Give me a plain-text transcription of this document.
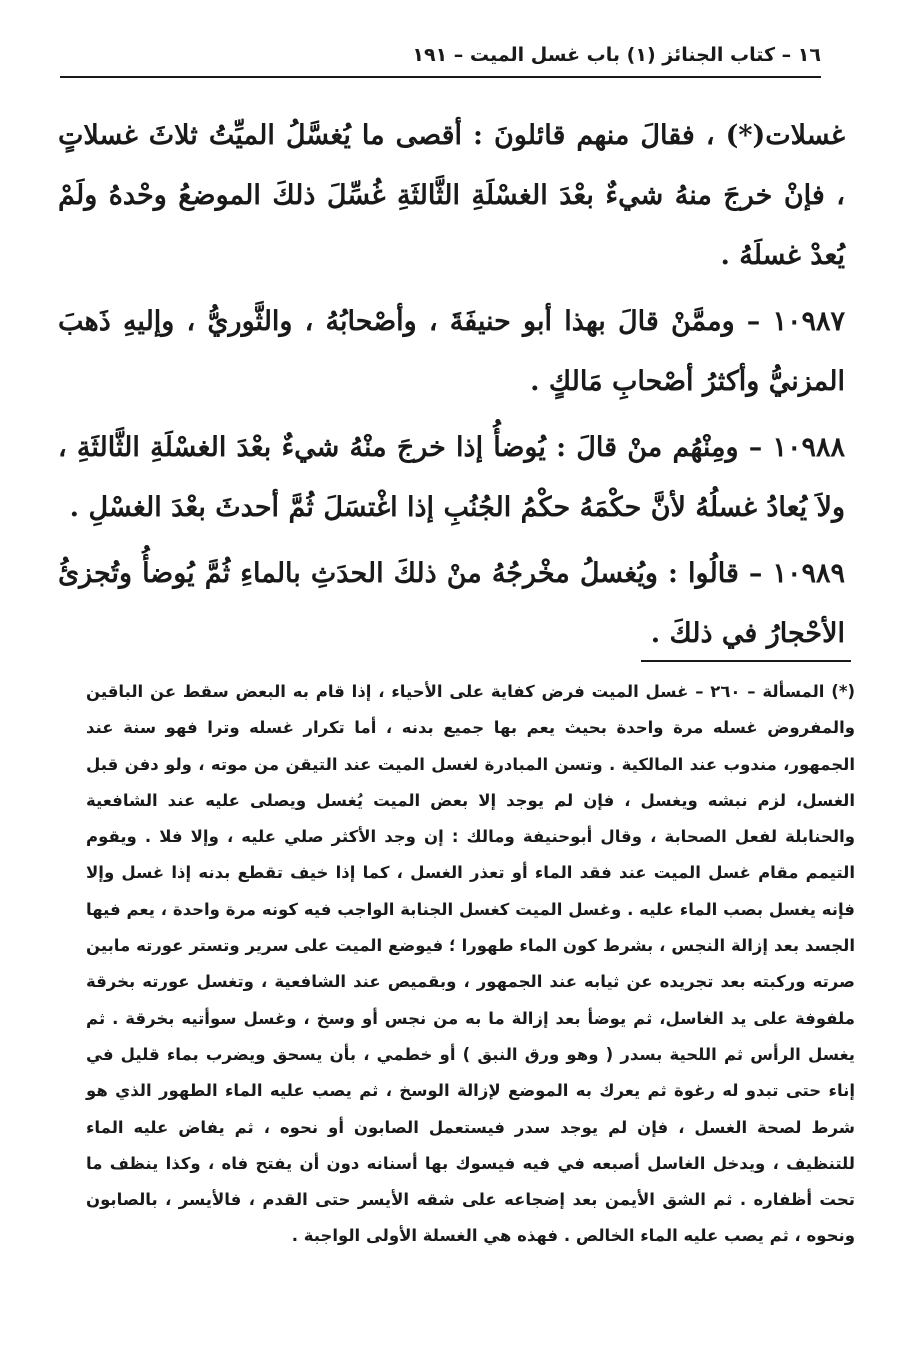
١٦ – كتاب الجنائز (١) باب غسل الميت – ١٩١

غسلات(*) ، فقالَ منهم قائلونَ : أقصى ما يُغسَّلُ الميِّتُ ثلاثَ غسلاتٍ ، فإنْ خرجَ منهُ شيءٌ بعْدَ الغسْلَةِ الثَّالثَةِ غُسِّلَ ذلكَ الموضعُ وحْدهُ ولَمْ يُعدْ غسلَهُ .

١٠٩٨٧ – وممَّنْ قالَ بهذا أبو حنيفَةَ ، وأصْحابُهُ ، والثَّوريُّ ، وإليهِ ذَهبَ المزنيُّ وأكثرُ أصْحابِ مَالكٍ .

١٠٩٨٨ – ومِنْهُم منْ قالَ : يُوضأُ إذا خرجَ منْهُ شيءٌ بعْدَ الغسْلَةِ الثَّالثَةِ ، ولاَ يُعادُ غسلُهُ لأنَّ حكْمَهُ حكْمُ الجُنُبِ إذا اغْتسَلَ ثُمَّ أحدثَ بعْدَ الغسْلِ .

١٠٩٨٩ – قالُوا : ويُغسلُ مخْرجُهُ منْ ذلكَ الحدَثِ بالماءِ ثُمَّ يُوضأُ وتُجزئُ الأحْجارُ في ذلكَ .

(*) المسألة – ٢٦٠ – غسل الميت فرض كفاية على الأحياء ، إذا قام به البعض سقط عن الباقين والمفروض غسله مرة واحدة بحيث يعم بها جميع بدنه ، أما تكرار غسله وترا فهو سنة عند الجمهور، مندوب عند المالكية . وتسن المبادرة لغسل الميت عند التيقن من موته ، ولو دفن قبل الغسل، لزم نبشه ويغسل ، فإن لم يوجد إلا بعض الميت يُغسل ويصلى عليه عند الشافعية والحنابلة لفعل الصحابة ، وقال أبوحنيفة ومالك : إن وجد الأكثر صلي عليه ، وإلا فلا . ويقوم التيمم مقام غسل الميت عند فقد الماء أو تعذر الغسل ، كما إذا خيف تقطع بدنه إذا غسل وإلا فإنه يغسل بصب الماء عليه . وغسل الميت كغسل الجنابة الواجب فيه كونه مرة واحدة ، يعم فيها الجسد بعد إزالة النجس ، بشرط كون الماء طهورا ؛ فيوضع الميت على سرير وتستر عورته مابين صرته وركبته بعد تجريده عن ثيابه عند الجمهور ، وبقميص عند الشافعية ، وتغسل عورته بخرقة ملفوفة على يد الغاسل، ثم يوضأ بعد إزالة ما به من نجس أو وسخ ، وغسل سوأتيه بخرقة . ثم يغسل الرأس ثم اللحية بسدر ( وهو ورق النبق ) أو خطمي ، بأن يسحق ويضرب بماء قليل في إناء حتى تبدو له رغوة ثم يعرك به الموضع لإزالة الوسخ ، ثم يصب عليه الماء الطهور الذي هو شرط لصحة الغسل ، فإن لم يوجد سدر فيستعمل الصابون أو نحوه ، ثم يفاض عليه الماء للتنظيف ، ويدخل الغاسل أصبعه في فيه فيسوك بها أسنانه دون أن يفتح فاه ، وكذا ينظف ما تحت أظفاره . ثم الشق الأيمن بعد إضجاعه على شقه الأيسر حتى القدم ، فالأيسر ، بالصابون ونحوه ، ثم يصب عليه الماء الخالص . فهذه هي الغسلة الأولى الواجبة .
